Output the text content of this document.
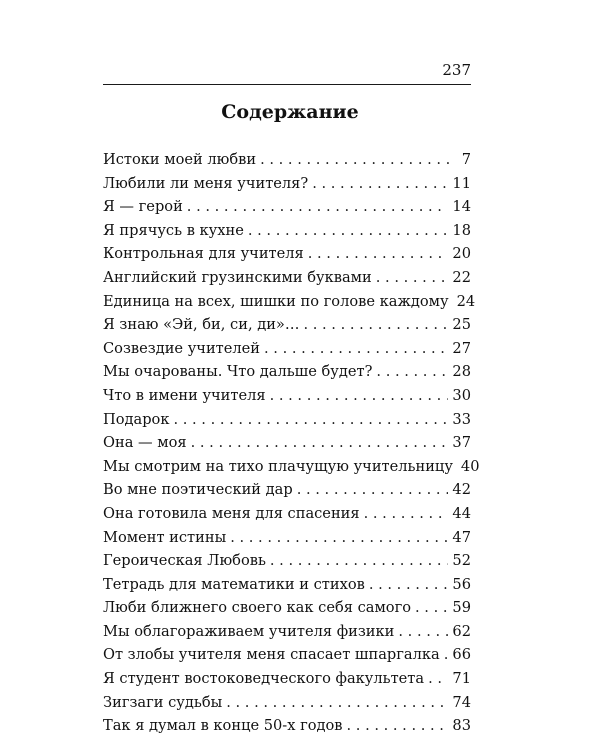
237
Содержание
Истоки моей любви . . .	7
Любили ли меня учителя? . . .	11
Я — герой . . .	14
Я прячусь в кухне . . .	18
Контрольная для учителя . . .	20
Английский грузинскими буквами . . .	22
Единица на всех, шишки по голове каждому 24
Я знаю «Эй, би, си, ди»… . . .	25
Созвездие учителей . . .	27
Мы очарованы. Что дальше будет? . . .	28
Что в имени учителя . . .	30
Подарок . . .	33
Она — моя . . .	37
Мы смотрим на тихо плачущую учительницу 40
Во мне поэтический дар . . .	42
Она готовила меня для спасения . . .	44
Момент истины . . .	47
Героическая Любовь . . .	52
Тетрадь для математики и стихов . . .	56
Люби ближнего своего как себя самого . . .	59
Мы облагораживаем учителя физики . . .	62
От злобы учителя меня спасает шпаргалка . . . 66
Я студент востоковедческого факультета . . . 71
Зигзаги судьбы . . .	74
Так я думал в конце 50-х годов . . .	83
